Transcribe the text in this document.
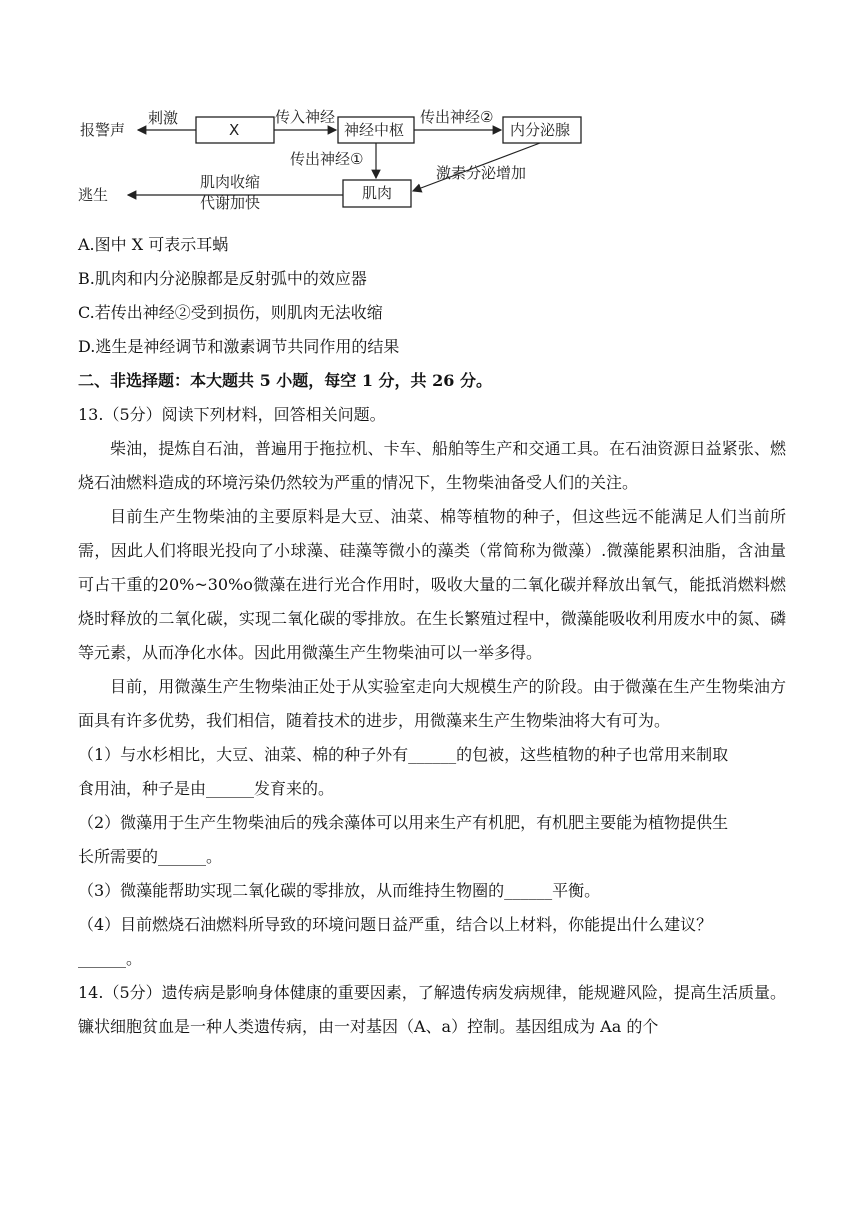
报警声
刺激
X
传入神经
神经中枢
传出神经②
内分泌腺
传出神经①
激素分泌增加
肌肉
肌肉收缩
代谢加快
逃生
A.图中 X 可表示耳蜗
B.肌肉和内分泌腺都是反射弧中的效应器
C.若传出神经②受到损伤，则肌肉无法收缩
D.逃生是神经调节和激素调节共同作用的结果
二、非选择题：本大题共 5 小题，每空 1 分，共 26 分。
13.（5分）阅读下列材料，回答相关问题。
柴油，提炼自石油，普遍用于拖拉机、卡车、船舶等生产和交通工具。在石油资源日益紧张、燃烧石油燃料造成的环境污染仍然较为严重的情况下，生物柴油备受人们的关注。
目前生产生物柴油的主要原料是大豆、油菜、棉等植物的种子，但这些远不能满足人们当前所需，因此人们将眼光投向了小球藻、硅藻等微小的藻类（常简称为微藻）.微藻能累积油脂，含油量可占干重的20%~30%o微藻在进行光合作用时，吸收大量的二氧化碳并释放出氧气，能抵消燃料燃烧时释放的二氧化碳，实现二氧化碳的零排放。在生长繁殖过程中，微藻能吸收利用废水中的氮、磷等元素，从而净化水体。因此用微藻生产生物柴油可以一举多得。
目前，用微藻生产生物柴油正处于从实验室走向大规模生产的阶段。由于微藻在生产生物柴油方面具有许多优势，我们相信，随着技术的进步，用微藻来生产生物柴油将大有可为。
（1）与水杉相比，大豆、油菜、棉的种子外有______的包被，这些植物的种子也常用来制取
食用油，种子是由______发育来的。
（2）微藻用于生产生物柴油后的残余藻体可以用来生产有机肥，有机肥主要能为植物提供生
长所需要的______。
（3）微藻能帮助实现二氧化碳的零排放，从而维持生物圈的______平衡。
（4）目前燃烧石油燃料所导致的环境问题日益严重，结合以上材料，你能提出什么建议？
______。
14.（5分）遗传病是影响身体健康的重要因素，了解遗传病发病规律，能规避风险，提高生活质量。镰状细胞贫血是一种人类遗传病，由一对基因（A、a）控制。基因组成为 Aa 的个
